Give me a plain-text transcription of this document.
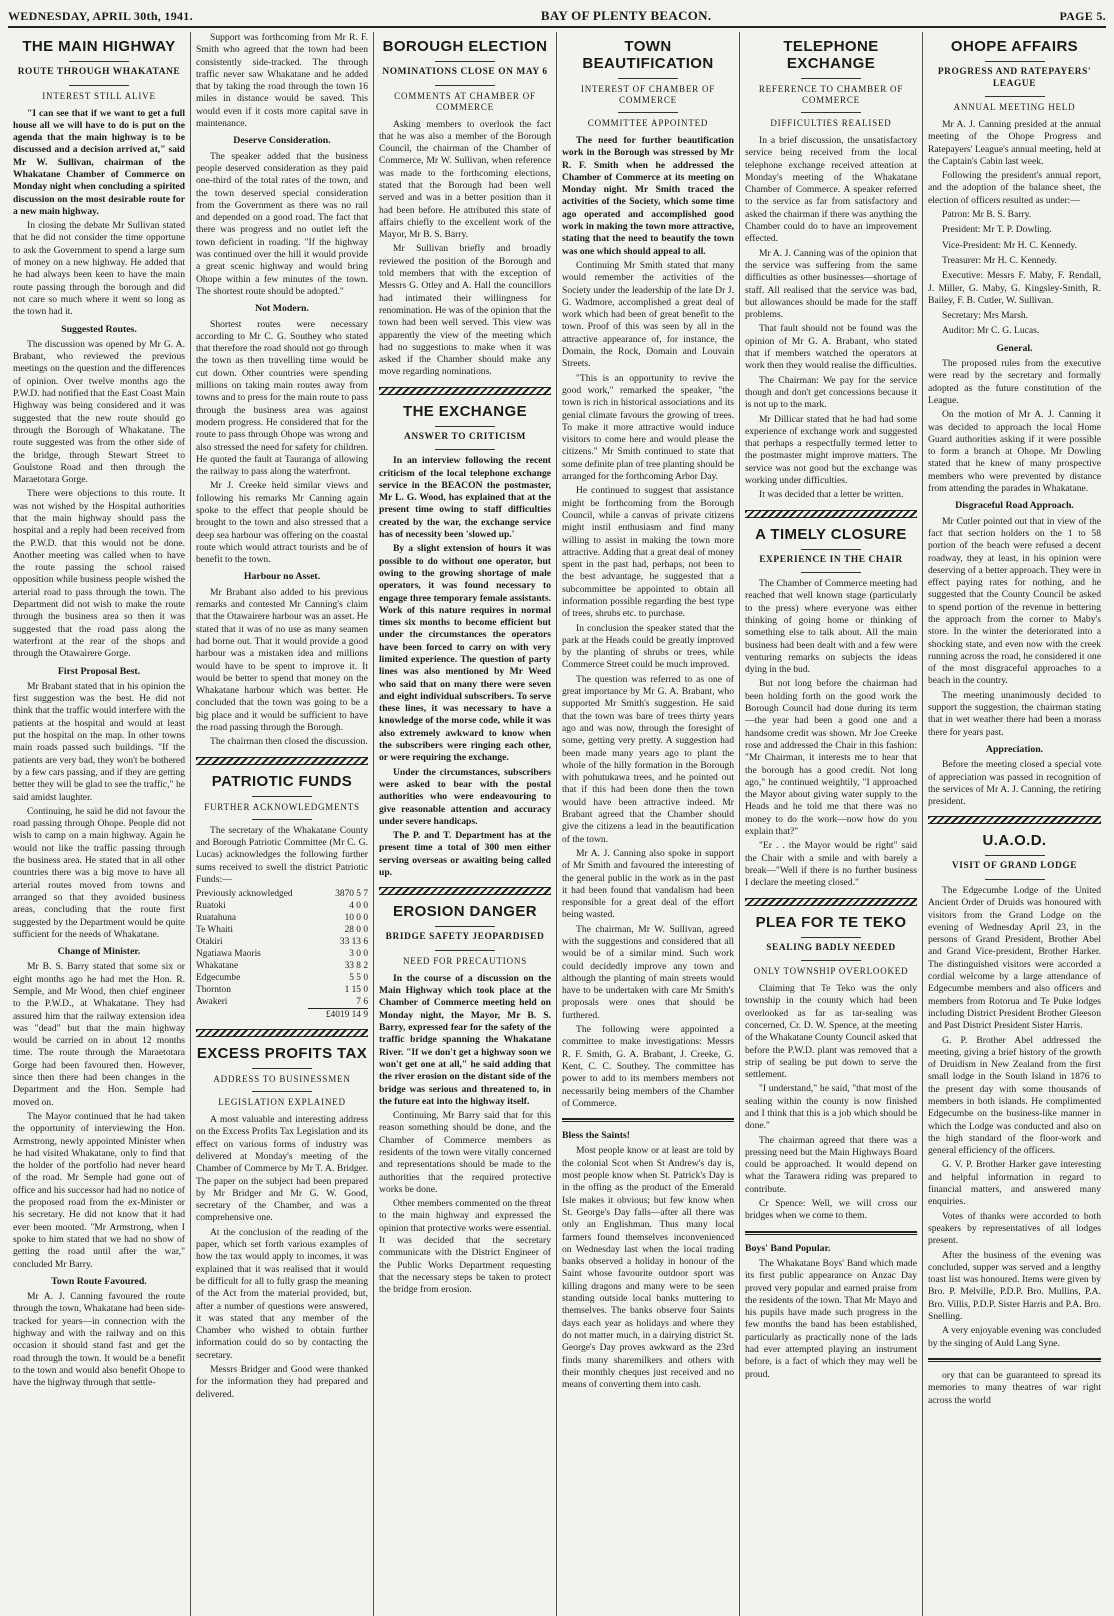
WEDNESDAY, APRIL 30th, 1941.	BAY OF PLENTY BEACON.	PAGE 5.
THE MAIN HIGHWAY
ROUTE THROUGH WHAKATANE
INTEREST STILL ALIVE
"I can see that if we want to get a full house all we will have to do is put on the agenda that the main highway is to be discussed and a decision arrived at," said Mr W. Sullivan, chairman of the Whakatane Chamber of Commerce on Monday night when concluding a spirited discussion on the most desirable route for a new main highway.
In closing the debate Mr Sullivan stated that he did not consider the time opportune to ask the Government to spend a large sum of money on a new highway. He added that he had always been keen to have the main route passing through the borough and did not care so much where it went so long as the town had it.
Suggested Routes.
The discussion was opened by Mr G. A. Brabant, who reviewed the previous meetings on the question and the differences of opinion. Over twelve months ago the P.W.D. had notified that the East Coast Main Highway was being considered and it was suggested that the new route should go through the Borough of Whakatane. The route suggested was from the other side of the bridge, through Stewart Street to Goulstone Road and then through the Maraetotara Gorge.
There were objections to this route. It was not wished by the Hospital authorities that the main highway should pass the hospital and a reply had been received from the P.W.D. that this would not be done. Another meeting was called when to have the route passing the school raised opposition while business people wished the arterial road to pass through the town. The Department did not wish to make the route through the business area so then it was suggested that the road pass along the waterfront at the rear of the shops and through the Otawairere Gorge.
First Proposal Best.
Mr Brabant stated that in his opinion the first suggestion was the best. He did not think that the traffic would interfere with the patients at the hospital and would at least put the hospital on the map. In other towns main roads passed such buildings. "If the patients are very bad, they won't be bothered by a few cars passing, and if they are getting better they will be glad to see the traffic," he said amidst laughter.
Continuing, he said he did not favour the road passing through Ohope. People did not wish to camp on a main highway. Again he would not like the traffic passing through the business area. He stated that in all other countries there was a big move to have all arterial routes moved from towns and arranged so that they avoided business areas, concluding that the route first suggested by the Department would be quite sufficient for the needs of Whakatane.
Change of Minister.
Mr B. S. Barry stated that some six or eight months ago he had met the Hon. R. Semple, and Mr Wood, then chief engineer to the P.W.D., at Whakatane. They had assured him that the railway extension idea was "dead" but that the main highway would be carried on in about 12 months time. The route through the Maraetotara Gorge had been favoured then. However, since then there had been changes in the Department and the Hon. Semple had moved on.
The Mayor continued that he had taken the opportunity of interviewing the Hon. Armstrong, newly appointed Minister when he had visited Whakatane, only to find that the holder of the portfolio had never heard of the road. Mr Semple had gone out of office and his successor had had no notice of the proposed road from the ex-Minister or his secretary. He did not know that it had ever been mooted. "Mr Armstrong, when I spoke to him stated that we had no show of getting the road until after the war," concluded Mr Barry.
Town Route Favoured.
Mr A. J. Canning favoured the route through the town, Whakatane had been side-tracked for years—in connection with the highway and with the railway and on this occasion it should stand fast and get the road through the town. It would be a benefit to the town and would also benefit Ohope to have the highway through that settle-
Support was forthcoming from Mr R. F. Smith who agreed that the town had been consistently side-tracked. The through traffic never saw Whakatane and he added that by taking the road through the town 16 miles in distance would be saved. This would even if it costs more capital save in maintenance.
Deserve Consideration.
The speaker added that the business people deserved consideration as they paid one-third of the total rates of the town, and the town deserved special consideration from the Government as there was no rail and depended on a good road. The fact that there was progress and no outlet left the town deficient in roading. "If the highway was continued over the hill it would provide a great scenic highway and would bring Ohope within a few minutes of the town. The shortest route should be adopted."
Not Modern.
Shortest routes were necessary according to Mr C. G. Southey who stated that therefore the road should not go through the town as then travelling time would be cut down. Other countries were spending millions on taking main routes away from towns and to press for the main route to pass through the business area was against modern progress. He considered that for the route to pass through Ohope was wrong and also stressed the need for safety for children. He quoted the fault at Tauranga of allowing the railway to pass along the waterfront.
Mr J. Creeke held similar views and following his remarks Mr Canning again spoke to the effect that people should be brought to the town and also stressed that a deep sea harbour was offering on the coastal route which would attract tourists and be of benefit to the town.
Harbour no Asset.
Mr Brabant also added to his previous remarks and contested Mr Canning's claim that the Otawairere harbour was an asset. He stated that it was of no use as many seamen had borne out. That it would provide a good harbour was a mistaken idea and millions would have to be spent to improve it. It would be better to spend that money on the Whakatane harbour which was better. He concluded that the town was going to be a big place and it would be sufficient to have the road passing through the Borough.
The chairman then closed the discussion.
PATRIOTIC FUNDS
FURTHER ACKNOWLEDGMENTS
The secretary of the Whakatane County and Borough Patriotic Committee (Mr C. G. Lucas) acknowledges the following further sums received to swell the district Patriotic Funds:—
Previously acknowledged	3870 5 7
Ruatoki	4 0 0
Ruatahuna	10 0 0
Te Whaiti	28 0 0
Otakiri	33 13 6
Ngatiawa Maoris	3 0 0
Whakatane	33 8 2
Edgecumbe	5 5 0
Thornton	1 15 0
Awakeri	7 6
	£4019 14 9
EXCESS PROFITS TAX
ADDRESS TO BUSINESSMEN
LEGISLATION EXPLAINED
A most valuable and interesting address on the Excess Profits Tax Legislation and its effect on various forms of industry was delivered at Monday's meeting of the Chamber of Commerce by Mr T. A. Bridger. The paper on the subject had been prepared by Mr Bridger and Mr G. W. Good, secretary of the Chamber, and was a comprehensive one.
At the conclusion of the reading of the paper, which set forth various examples of how the tax would apply to incomes, it was explained that it was realised that it would be difficult for all to fully grasp the meaning of the Act from the material provided, but, after a number of questions were answered, it was stated that any member of the Chamber who wished to obtain further information could do so by contacting the secretary.
Messrs Bridger and Good were thanked for the information they had prepared and delivered.
BOROUGH ELECTION
NOMINATIONS CLOSE ON MAY 6
COMMENTS AT CHAMBER OF COMMERCE
Asking members to overlook the fact that he was also a member of the Borough Council, the chairman of the Chamber of Commerce, Mr W. Sullivan, when reference was made to the forthcoming elections, stated that the Borough had been well served and was in a better position than it had been before. He attributed this state of affairs chiefly to the excellent work of the Mayor, Mr B. S. Barry.
Mr Sullivan briefly and broadly reviewed the position of the Borough and told members that with the exception of Messrs G. Otley and A. Hall the councillors had intimated their willingness for renomination. He was of the opinion that the town had been well served. This view was apparently the view of the meeting which had no suggestions to make when it was asked if the Chamber should make any move regarding nominations.
THE EXCHANGE
ANSWER TO CRITICISM
In an interview following the recent criticism of the local telephone exchange service in the BEACON the postmaster, Mr L. G. Wood, has explained that at the present time owing to staff difficulties created by the war, the exchange service has of necessity been 'slowed up.'
By a slight extension of hours it was possible to do without one operator, but owing to the growing shortage of male operators, it was found necessary to engage three temporary female assistants. Work of this nature requires in normal times six months to become efficient but under the circumstances the operators have been forced to carry on with very limited experience. The question of party lines was also mentioned by Mr Weed who said that on many there were seven and eight individual subscribers. To serve these lines, it was necessary to have a knowledge of the morse code, while it was also extremely awkward to know when the subscribers were ringing each other, or were requiring the exchange.
Under the circumstances, subscribers were asked to bear with the postal authorities who were endeavouring to give reasonable attention and accuracy under severe handicaps.
The P. and T. Department has at the present time a total of 300 men either serving overseas or awaiting being called up.
EROSION DANGER
BRIDGE SAFETY JEOPARDISED
NEED FOR PRECAUTIONS
In the course of a discussion on the Main Highway which took place at the Chamber of Commerce meeting held on Monday night, the Mayor, Mr B. S. Barry, expressed fear for the safety of the traffic bridge spanning the Whakatane River. "If we don't get a highway soon we won't get one at all," he said adding that the river erosion on the distant side of the bridge was serious and threatened to, in the future eat into the highway itself.
Continuing, Mr Barry said that for this reason something should be done, and the Chamber of Commerce members as residents of the town were vitally concerned and representations should be made to the authorities that the required protective works be done.
Other members commented on the threat to the main highway and expressed the opinion that protective works were essential. It was decided that the secretary communicate with the District Engineer of the Public Works Department requesting that the necessary steps be taken to protect the bridge from erosion.
TOWN BEAUTIFICATION
INTEREST OF CHAMBER OF COMMERCE
COMMITTEE APPOINTED
The need for further beautification work in the Borough was stressed by Mr R. F. Smith when he addressed the Chamber of Commerce at its meeting on Monday night. Mr Smith traced the activities of the Society, which some time ago operated and accomplished good work in making the town more attractive, stating that the need to beautify the town was one which should appeal to all.
Continuing Mr Smith stated that many would remember the activities of the Society under the leadership of the late Dr J. G. Wadmore, accomplished a great deal of work which had been of great benefit to the town. Proof of this was seen by all in the attractive appearance of, for instance, the Domain, the Rock, Domain and Louvain Streets.
"This is an opportunity to revive the good work," remarked the speaker, "the town is rich in historical associations and its genial climate favours the growing of trees. To make it more attractive would induce visitors to come here and would please the citizens." Mr Smith continued to state that some definite plan of tree planting should be arranged for the forthcoming Arbor Day.
He continued to suggest that assistance might be forthcoming from the Borough Council, while a canvas of private citizens might instil enthusiasm and find many willing to assist in making the town more attractive. Adding that a great deal of money spent in the past had, perhaps, not been to the best advantage, he suggested that a subcommittee be appointed to obtain all information possible regarding the best type of trees, shrubs etc. to purchase.
In conclusion the speaker stated that the park at the Heads could be greatly improved by the planting of shrubs or trees, while Commerce Street could be much improved.
The question was referred to as one of great importance by Mr G. A. Brabant, who supported Mr Smith's suggestion. He said that the town was bare of trees thirty years ago and was now, through the foresight of some, getting very pretty. A suggestion had been made many years ago to plant the whole of the hilly formation in the Borough with pohutukawa trees, and he pointed out that if this had been done then the town would have been attractive indeed. Mr Brabant agreed that the Chamber should give the citizens a lead in the beautification of the town.
Mr A. J. Canning also spoke in support of Mr Smith and favoured the interesting of the general public in the work as in the past it had been found that vandalism had been responsible for a great deal of the effort being wasted.
The chairman, Mr W. Sullivan, agreed with the suggestions and considered that all would be of a similar mind. Such work could decidedly improve any town and although the planting of main streets would have to be undertaken with care Mr Smith's proposals were ones that should be furthered.
The following were appointed a committee to make investigations: Messrs R. F. Smith, G. A. Brabant, J. Creeke, G. Kent, C. C. Southey. The committee has power to add to its members members not necessarily being members of the Chamber of Commerce.
Bless the Saints!
Most people know or at least are told by the colonial Scot when St Andrew's day is, most people know when St. Patrick's Day is in the offing as the product of the Emerald Isle makes it obvious; but few know when St. George's Day falls—after all there was only an Englishman. Thus many local farmers found themselves inconvenienced on Wednesday last when the local trading banks observed a holiday in honour of the Saint whose favourite outdoor sport was killing dragons and many were to be seen standing outside local banks muttering to themselves. The banks observe four Saints days each year as holidays and where they do not matter much, in a dairying district St. George's Day proves awkward as the 23rd finds many sharemilkers and others with their monthly cheques just received and no means of converting them into cash.
TELEPHONE EXCHANGE
REFERENCE TO CHAMBER OF COMMERCE
DIFFICULTIES REALISED
In a brief discussion, the unsatisfactory service being received from the local telephone exchange received attention at Monday's meeting of the Whakatane Chamber of Commerce. A speaker referred to the service as far from satisfactory and asked the chairman if there was anything the Chamber could do to have an improvement effected.
Mr A. J. Canning was of the opinion that the service was suffering from the same difficulties as other businesses—shortage of staff. All realised that the service was bad, but allowances should be made for the staff problems.
That fault should not be found was the opinion of Mr G. A. Brabant, who stated that if members watched the operators at work then they would realise the difficulties.
The Chairman: We pay for the service though and don't get concessions because it is not up to the mark.
Mr Dillicar stated that he had had some experience of exchange work and suggested that perhaps a respectfully termed letter to the postmaster might improve matters. The service was not good but the exchange was working under difficulties.
It was decided that a letter be written.
A TIMELY CLOSURE
EXPERIENCE IN THE CHAIR
The Chamber of Commerce meeting had reached that well known stage (particularly to the press) where everyone was either thinking of going home or thinking of something else to talk about. All the main business had been dealt with and a few were venturing remarks on subjects the ideas dying in the bud.
But not long before the chairman had been holding forth on the good work the Borough Council had done during its term—the year had been a good one and a handsome credit was shown. Mr Joe Creeke rose and addressed the Chair in this fashion: "Mr Chairman, it interests me to hear that the borough has a good credit. Not long ago," he continued weightily, "I approached the Mayor about giving water supply to the Heads and he told me that there was no money to do the work—now how do you explain that?"
"Er . . the Mayor would be right" said the Chair with a smile and with barely a break—"Well if there is no further business I declare the meeting closed."
PLEA FOR TE TEKO
SEALING BADLY NEEDED
ONLY TOWNSHIP OVERLOOKED
Claiming that Te Teko was the only township in the county which had been overlooked as far as tar-sealing was concerned, Cr. D. W. Spence, at the meeting of the Whakatane County Council asked that before the P.W.D. plant was removed that a strip of sealing be put down to serve the settlement.
"I understand," he said, "that most of the sealing within the county is now finished and I think that this is a job which should be done."
The chairman agreed that there was a pressing need but the Main Highways Board could be approached. It would depend on what the Tarawera riding was prepared to contribute.
Cr Spence: Well, we will cross our bridges when we come to them.
Boys' Band Popular.
The Whakatane Boys' Band which made its first public appearance on Anzac Day proved very popular and earned praise from the residents of the town. That Mr Mayo and his pupils have made such progress in the few months the band has been established, particularly as practically none of the lads had ever attempted playing an instrument before, is a fact of which they may well be proud.
OHOPE AFFAIRS
PROGRESS AND RATEPAYERS' LEAGUE
ANNUAL MEETING HELD
Mr A. J. Canning presided at the annual meeting of the Ohope Progress and Ratepayers' League's annual meeting, held at the Captain's Cabin last week.
Following the president's annual report, and the adoption of the balance sheet, the election of officers resulted as under:—
Patron: Mr B. S. Barry.
President: Mr T. P. Dowling.
Vice-President: Mr H. C. Kennedy.
Treasurer: Mr H. C. Kennedy.
Executive: Messrs F. Maby, F. Rendall, J. Miller, G. Maby, G. Kingsley-Smith, R. Bailey, F. B. Cutler, W. Sullivan.
Secretary: Mrs Marsh.
Auditor: Mr C. G. Lucas.
General.
The proposed rules from the executive were read by the secretary and formally adopted as the future constitution of the League.
On the motion of Mr A. J. Canning it was decided to approach the local Home Guard authorities asking if it were possible to form a branch at Ohope. Mr Dowling stated that he knew of many prospective members who were prevented by distance from attending the parades in Whakatane.
Disgraceful Road Approach.
Mr Cutler pointed out that in view of the fact that section holders on the 1 to 58 portion of the beach were refused a decent roadway, they at least, in his opinion were deserving of a better approach. They were in effect paying rates for nothing, and he suggested that the County Council be asked to spend portion of the revenue in bettering the approach from the corner to Maby's store. In the winter the deteriorated into a shocking state, and even now with the creek running across the road, he considered it one of the most disgraceful approaches to a beach in the country.
The meeting unanimously decided to support the suggestion, the chairman stating that in wet weather there had been a morass there for years past.
Appreciation.
Before the meeting closed a special vote of appreciation was passed in recognition of the services of Mr A. J. Canning, the retiring president.
U.A.O.D.
VISIT OF GRAND LODGE
The Edgecumbe Lodge of the United Ancient Order of Druids was honoured with visitors from the Grand Lodge on the evening of Wednesday April 23, in the persons of Grand President, Brother Abel and Grand Vice-president, Brother Harker. The distinguished visitors were accorded a cordial welcome by a large attendance of Edgecumbe members and also officers and members from Rotorua and Te Puke lodges including District President Brother Gleeson and Past District President Sister Harris.
G. P. Brother Abel addressed the meeting, giving a brief history of the growth of Druidism in New Zealand from the first small lodge in the South Island in 1876 to the present day with some thousands of members in both islands. He complimented Edgecumbe on the business-like manner in which the Lodge was conducted and also on the high standard of the floor-work and general efficiency of the officers.
G. V. P. Brother Harker gave interesting and helpful information in regard to financial matters, and answered many enquiries.
Votes of thanks were accorded to both speakers by representatives of all lodges present.
After the business of the evening was concluded, supper was served and a lengthy toast list was honoured. Items were given by Bro. P. Melville, P.D.P. Bro. Mullins, P.A. Bro. Villis, P.D.P. Sister Harris and P.A. Bro. Snelling.
A very enjoyable evening was concluded by the singing of Auld Lang Syne.
ory that can be guaranteed to spread its memories to many theatres of war right across the world
